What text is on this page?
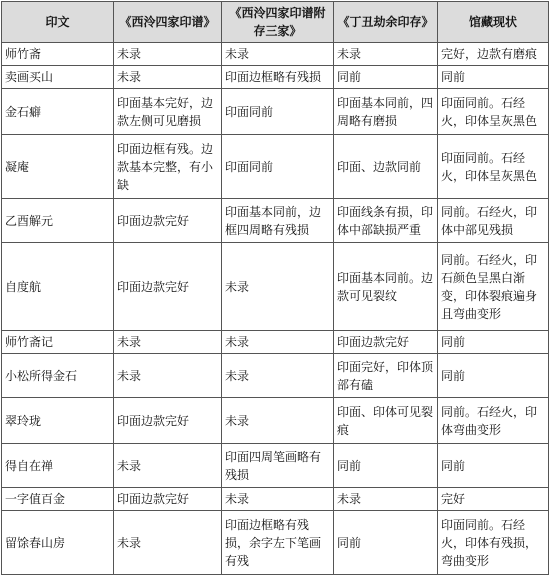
印文	《西泠四家印谱》	《西泠四家印谱附存三家》	《丁丑劫余印存》	馆藏现状
师竹斋	未录	未录	未录	完好，边款有磨痕
卖画买山	未录	印面边框略有残损	同前	同前
金石癖	印面基本完好，边款左侧可见磨损	印面同前	印面基本同前，四周略有磨损	印面同前。石经火，印体呈灰黑色
凝庵	印面边框有残。边款基本完整，有小缺	印面同前	印面、边款同前	印面同前。石经火，印体呈灰黑色
乙酉解元	印面边款完好	印面基本同前，边框四周略有残损	印面线条有损，印体中部缺损严重	同前。石经火，印体中部见残损
自度航	印面边款完好	未录	印面基本同前。边款可见裂纹	同前。石经火，印石颜色呈黑白渐变，印体裂痕遍身且弯曲变形
师竹斋记	未录	未录	印面边款完好	同前
小松所得金石	未录	未录	印面完好，印体顶部有磕	同前
翠玲珑	印面边款完好	未录	印面、印体可见裂痕	同前。石经火，印体弯曲变形
得自在禅	未录	印面四周笔画略有残损	同前	同前
一字值百金	印面边款完好	未录	未录	完好
留馀春山房	未录	印面边框略有残损，余字左下笔画有残	同前	印面同前。石经火，印体有残损，弯曲变形
